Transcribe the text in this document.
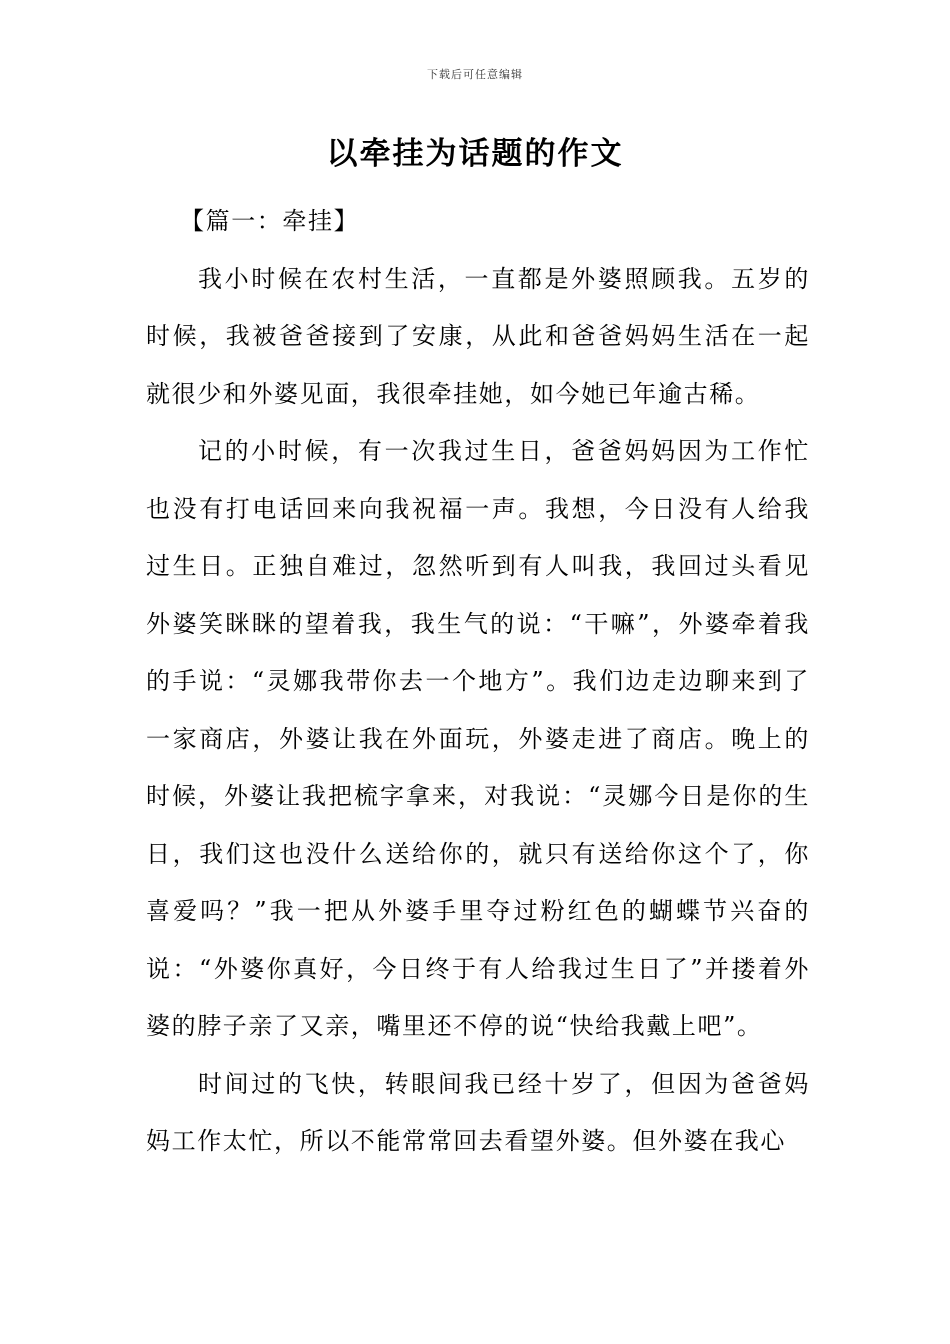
下载后可任意编辑
以牵挂为话题的作文

【篇一：牵挂】

我小时候在农村生活，一直都是外婆照顾我。五岁的时候，我被爸爸接到了安康，从此和爸爸妈妈生活在一起就很少和外婆见面，我很牵挂她，如今她已年逾古稀。

记的小时候，有一次我过生日，爸爸妈妈因为工作忙也没有打电话回来向我祝福一声。我想，今日没有人给我过生日。正独自难过，忽然听到有人叫我，我回过头看见外婆笑眯眯的望着我，我生气的说：“干嘛”，外婆牵着我的手说：“灵娜我带你去一个地方”。我们边走边聊来到了一家商店，外婆让我在外面玩，外婆走进了商店。晚上的时候，外婆让我把梳字拿来，对我说：“灵娜今日是你的生日，我们这也没什么送给你的，就只有送给你这个了，你喜爱吗？”我一把从外婆手里夺过粉红色的蝴蝶节兴奋的说：“外婆你真好，今日终于有人给我过生日了”并搂着外婆的脖子亲了又亲，嘴里还不停的说“快给我戴上吧”。

时间过的飞快，转眼间我已经十岁了，但因为爸爸妈妈工作太忙，所以不能常常回去看望外婆。但外婆在我心
